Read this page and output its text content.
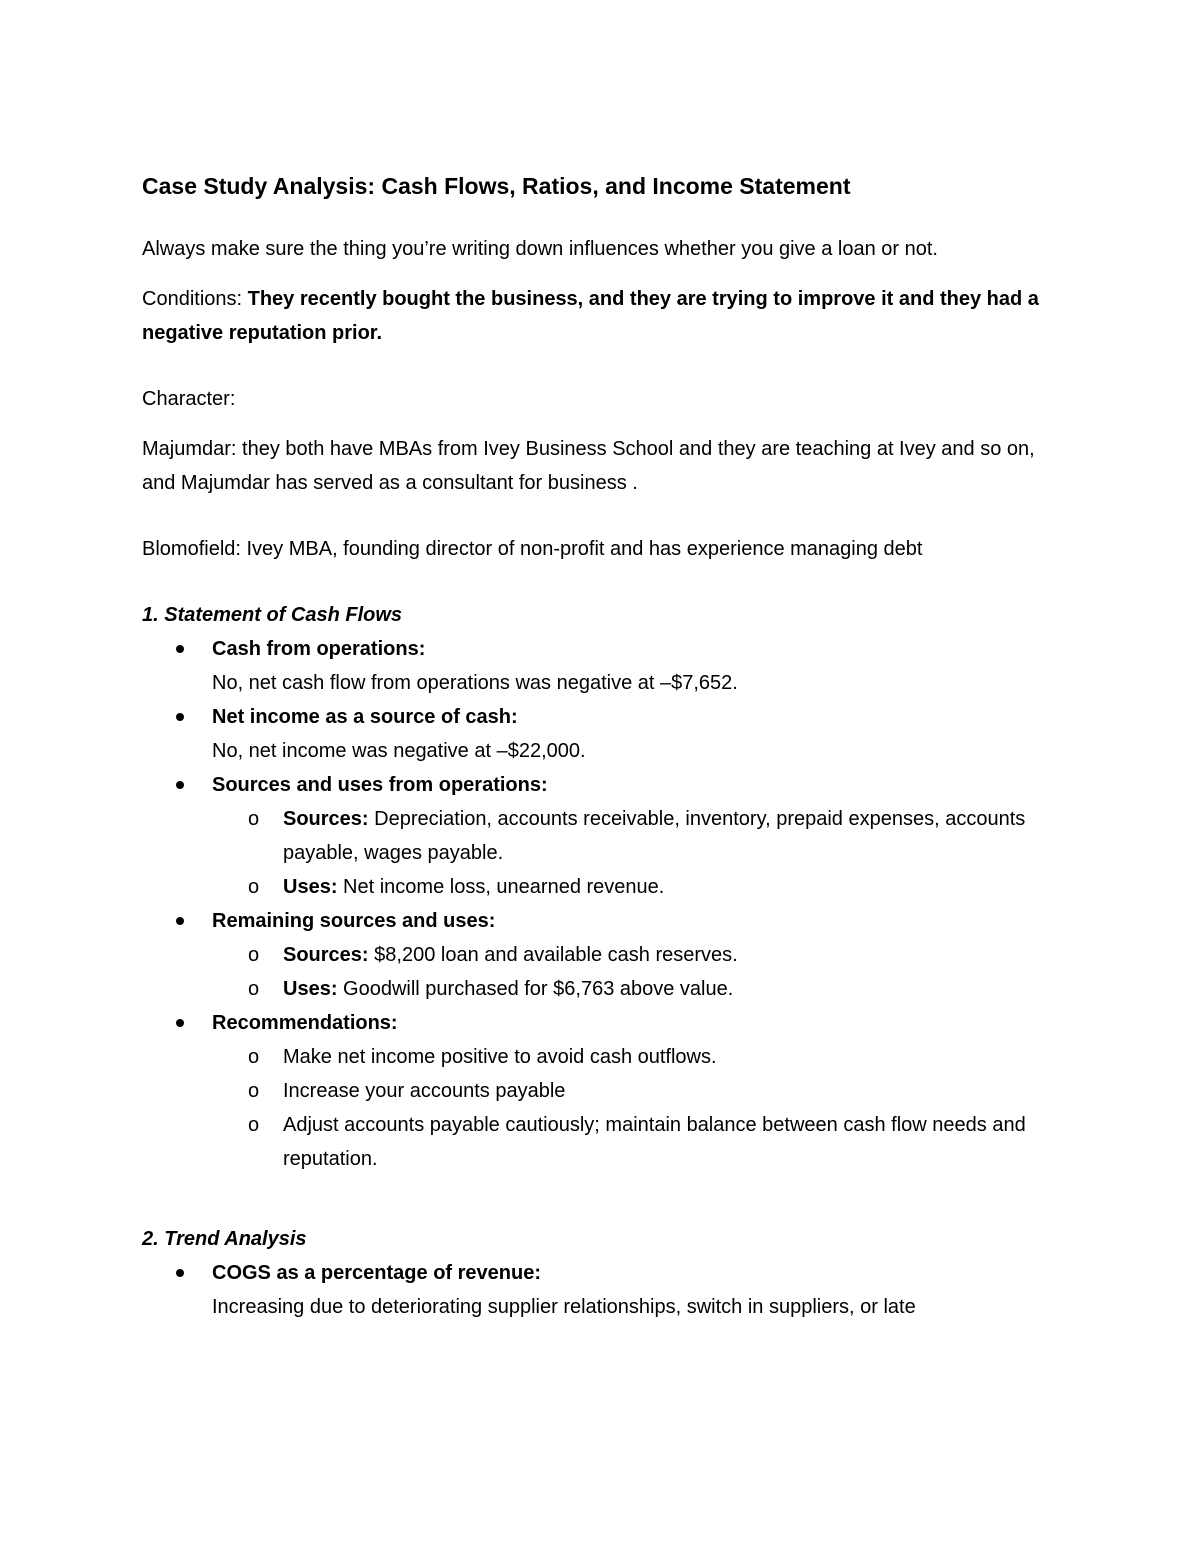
Case Study Analysis: Cash Flows, Ratios, and Income Statement

Always make sure the thing you’re writing down influences whether you give a loan or not.

Conditions: They recently bought the business, and they are trying to improve it and they had a negative reputation prior.

Character:

Majumdar: they both have MBAs from Ivey Business School and they are teaching at Ivey and so on, and Majumdar has served as a consultant for business .

Blomofield: Ivey MBA, founding director of non-profit and has experience managing debt

1. Statement of Cash Flows

Cash from operations:
No, net cash flow from operations was negative at –$7,652.
Net income as a source of cash:
No, net income was negative at –$22,000.
Sources and uses from operations:
o Sources: Depreciation, accounts receivable, inventory, prepaid expenses, accounts payable, wages payable.
o Uses: Net income loss, unearned revenue.
Remaining sources and uses:
o Sources: $8,200 loan and available cash reserves.
o Uses: Goodwill purchased for $6,763 above value.
Recommendations:
o Make net income positive to avoid cash outflows.
o Increase your accounts payable
o Adjust accounts payable cautiously; maintain balance between cash flow needs and reputation.

2. Trend Analysis

COGS as a percentage of revenue:
Increasing due to deteriorating supplier relationships, switch in suppliers, or late
